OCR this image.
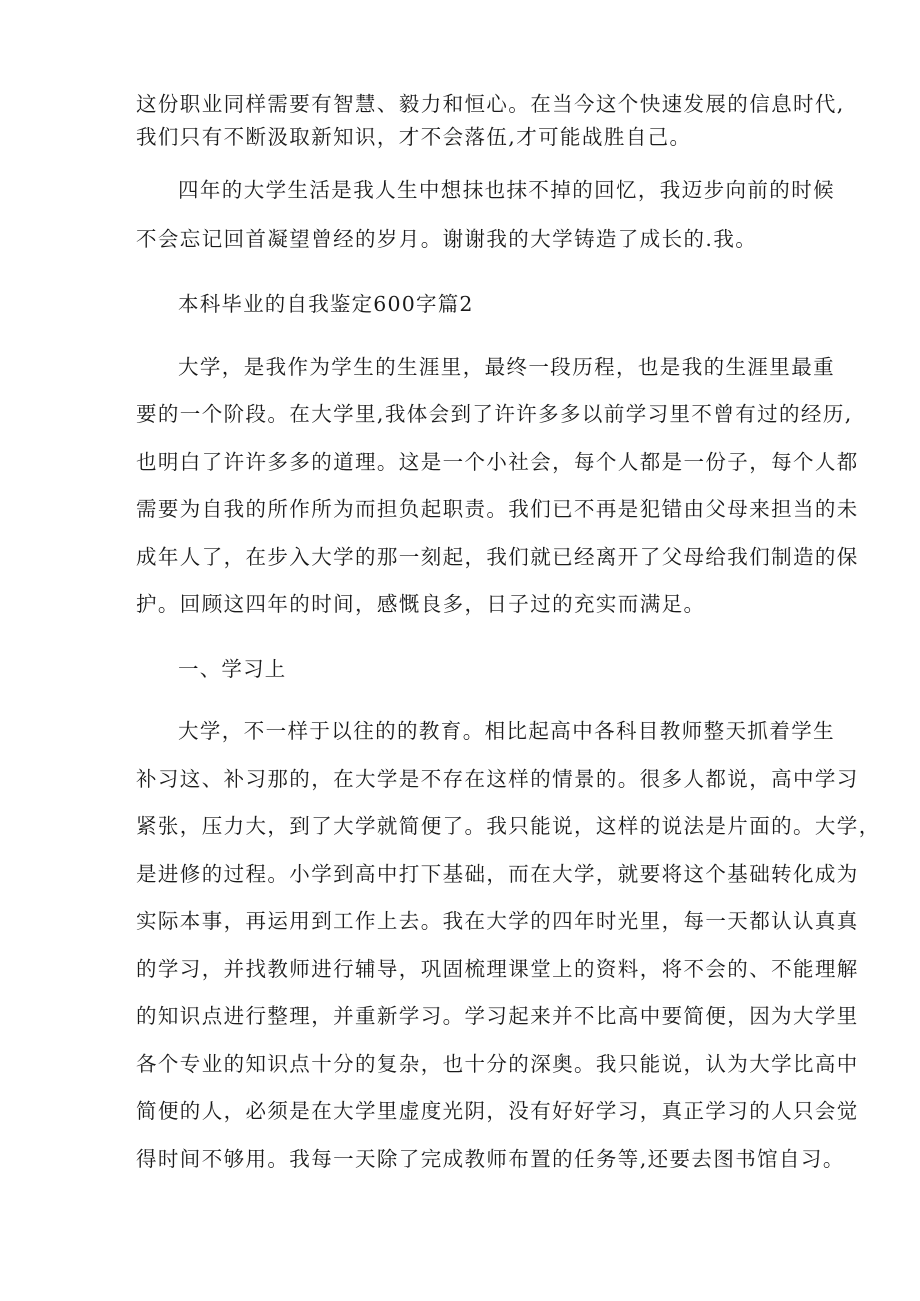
这份职业同样需要有智慧、毅力和恒心。在当今这个快速发展的信息时代,

我们只有不断汲取新知识，才不会落伍,才可能战胜自己。

四年的大学生活是我人生中想抹也抹不掉的回忆，我迈步向前的时候

不会忘记回首凝望曾经的岁月。谢谢我的大学铸造了成长的.我。

本科毕业的自我鉴定600字篇2

大学，是我作为学生的生涯里，最终一段历程，也是我的生涯里最重

要的一个阶段。在大学里,我体会到了许许多多以前学习里不曾有过的经历,

也明白了许许多多的道理。这是一个小社会，每个人都是一份子，每个人都

需要为自我的所作所为而担负起职责。我们已不再是犯错由父母来担当的未

成年人了，在步入大学的那一刻起，我们就已经离开了父母给我们制造的保

护。回顾这四年的时间，感慨良多，日子过的充实而满足。

一、学习上

大学，不一样于以往的的教育。相比起高中各科目教师整天抓着学生

补习这、补习那的，在大学是不存在这样的情景的。很多人都说，高中学习

紧张，压力大，到了大学就简便了。我只能说，这样的说法是片面的。大学，

是进修的过程。小学到高中打下基础，而在大学，就要将这个基础转化成为

实际本事，再运用到工作上去。我在大学的四年时光里，每一天都认认真真

的学习，并找教师进行辅导，巩固梳理课堂上的资料，将不会的、不能理解

的知识点进行整理，并重新学习。学习起来并不比高中要简便，因为大学里

各个专业的知识点十分的复杂，也十分的深奥。我只能说，认为大学比高中

简便的人，必须是在大学里虚度光阴，没有好好学习，真正学习的人只会觉

得时间不够用。我每一天除了完成教师布置的任务等,还要去图书馆自习。
